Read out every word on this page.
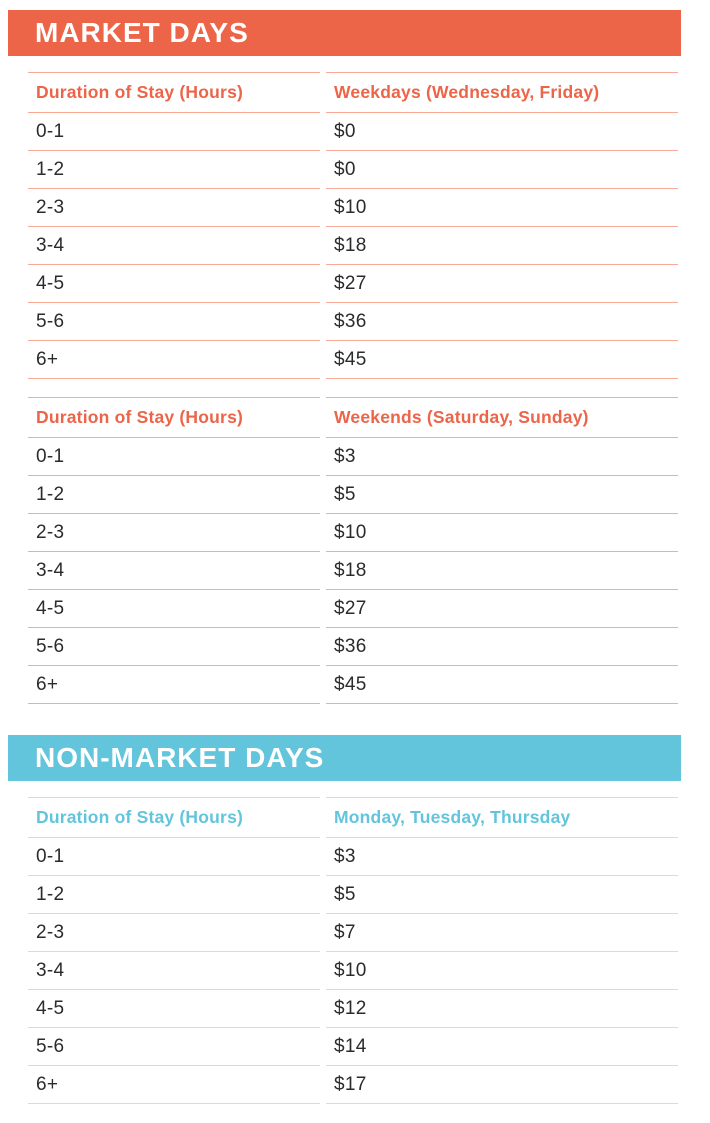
MARKET DAYS
Duration of Stay (Hours)	Weekdays (Wednesday, Friday)
0-1	$0
1-2	$0
2-3	$10
3-4	$18
4-5	$27
5-6	$36
6+	$45
Duration of Stay (Hours)	Weekends (Saturday, Sunday)
0-1	$3
1-2	$5
2-3	$10
3-4	$18
4-5	$27
5-6	$36
6+	$45
NON-MARKET DAYS
Duration of Stay (Hours)	Monday, Tuesday, Thursday
0-1	$3
1-2	$5
2-3	$7
3-4	$10
4-5	$12
5-6	$14
6+	$17
